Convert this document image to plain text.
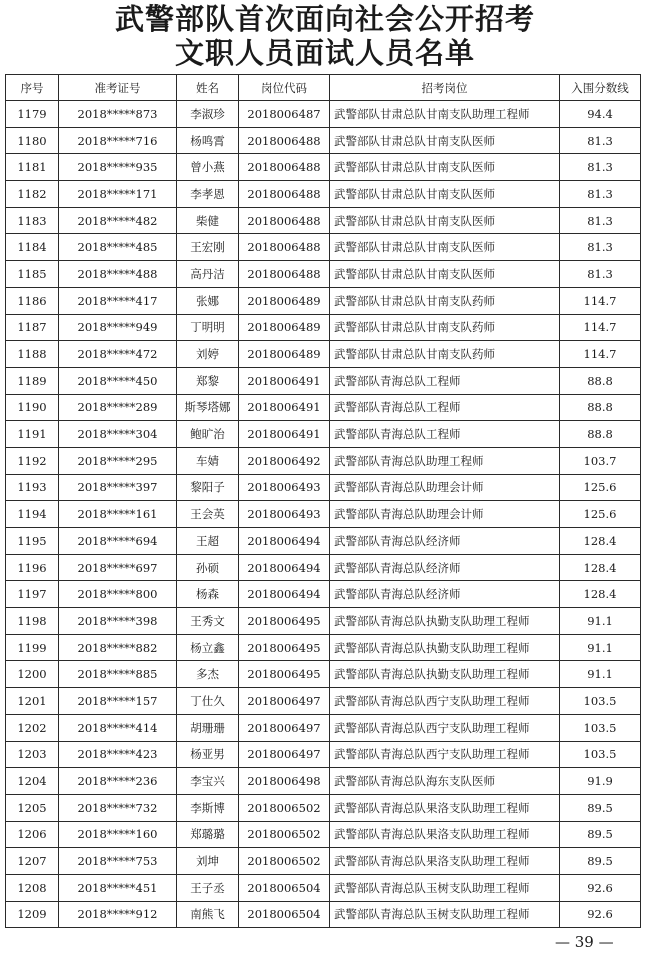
武警部队首次面向社会公开招考
文职人员面试人员名单
序号	准考证号	姓名	岗位代码	招考岗位	入围分数线
1179	2018*****873	李淑珍	2018006487	武警部队甘肃总队甘南支队助理工程师	94.4
1180	2018*****716	杨鸣霄	2018006488	武警部队甘肃总队甘南支队医师	81.3
1181	2018*****935	曾小燕	2018006488	武警部队甘肃总队甘南支队医师	81.3
1182	2018*****171	李孝恩	2018006488	武警部队甘肃总队甘南支队医师	81.3
1183	2018*****482	柴健	2018006488	武警部队甘肃总队甘南支队医师	81.3
1184	2018*****485	王宏刚	2018006488	武警部队甘肃总队甘南支队医师	81.3
1185	2018*****488	高丹洁	2018006488	武警部队甘肃总队甘南支队医师	81.3
1186	2018*****417	张娜	2018006489	武警部队甘肃总队甘南支队药师	114.7
1187	2018*****949	丁明明	2018006489	武警部队甘肃总队甘南支队药师	114.7
1188	2018*****472	刘婷	2018006489	武警部队甘肃总队甘南支队药师	114.7
1189	2018*****450	郑黎	2018006491	武警部队青海总队工程师	88.8
1190	2018*****289	斯琴塔娜	2018006491	武警部队青海总队工程师	88.8
1191	2018*****304	鲍旷治	2018006491	武警部队青海总队工程师	88.8
1192	2018*****295	车婧	2018006492	武警部队青海总队助理工程师	103.7
1193	2018*****397	黎阳子	2018006493	武警部队青海总队助理会计师	125.6
1194	2018*****161	王会英	2018006493	武警部队青海总队助理会计师	125.6
1195	2018*****694	王超	2018006494	武警部队青海总队经济师	128.4
1196	2018*****697	孙硕	2018006494	武警部队青海总队经济师	128.4
1197	2018*****800	杨森	2018006494	武警部队青海总队经济师	128.4
1198	2018*****398	王秀文	2018006495	武警部队青海总队执勤支队助理工程师	91.1
1199	2018*****882	杨立鑫	2018006495	武警部队青海总队执勤支队助理工程师	91.1
1200	2018*****885	多杰	2018006495	武警部队青海总队执勤支队助理工程师	91.1
1201	2018*****157	丁仕久	2018006497	武警部队青海总队西宁支队助理工程师	103.5
1202	2018*****414	胡珊珊	2018006497	武警部队青海总队西宁支队助理工程师	103.5
1203	2018*****423	杨亚男	2018006497	武警部队青海总队西宁支队助理工程师	103.5
1204	2018*****236	李宝兴	2018006498	武警部队青海总队海东支队医师	91.9
1205	2018*****732	李斯博	2018006502	武警部队青海总队果洛支队助理工程师	89.5
1206	2018*****160	郑璐璐	2018006502	武警部队青海总队果洛支队助理工程师	89.5
1207	2018*****753	刘坤	2018006502	武警部队青海总队果洛支队助理工程师	89.5
1208	2018*****451	王子丞	2018006504	武警部队青海总队玉树支队助理工程师	92.6
1209	2018*****912	南熊飞	2018006504	武警部队青海总队玉树支队助理工程师	92.6
— 39 —
